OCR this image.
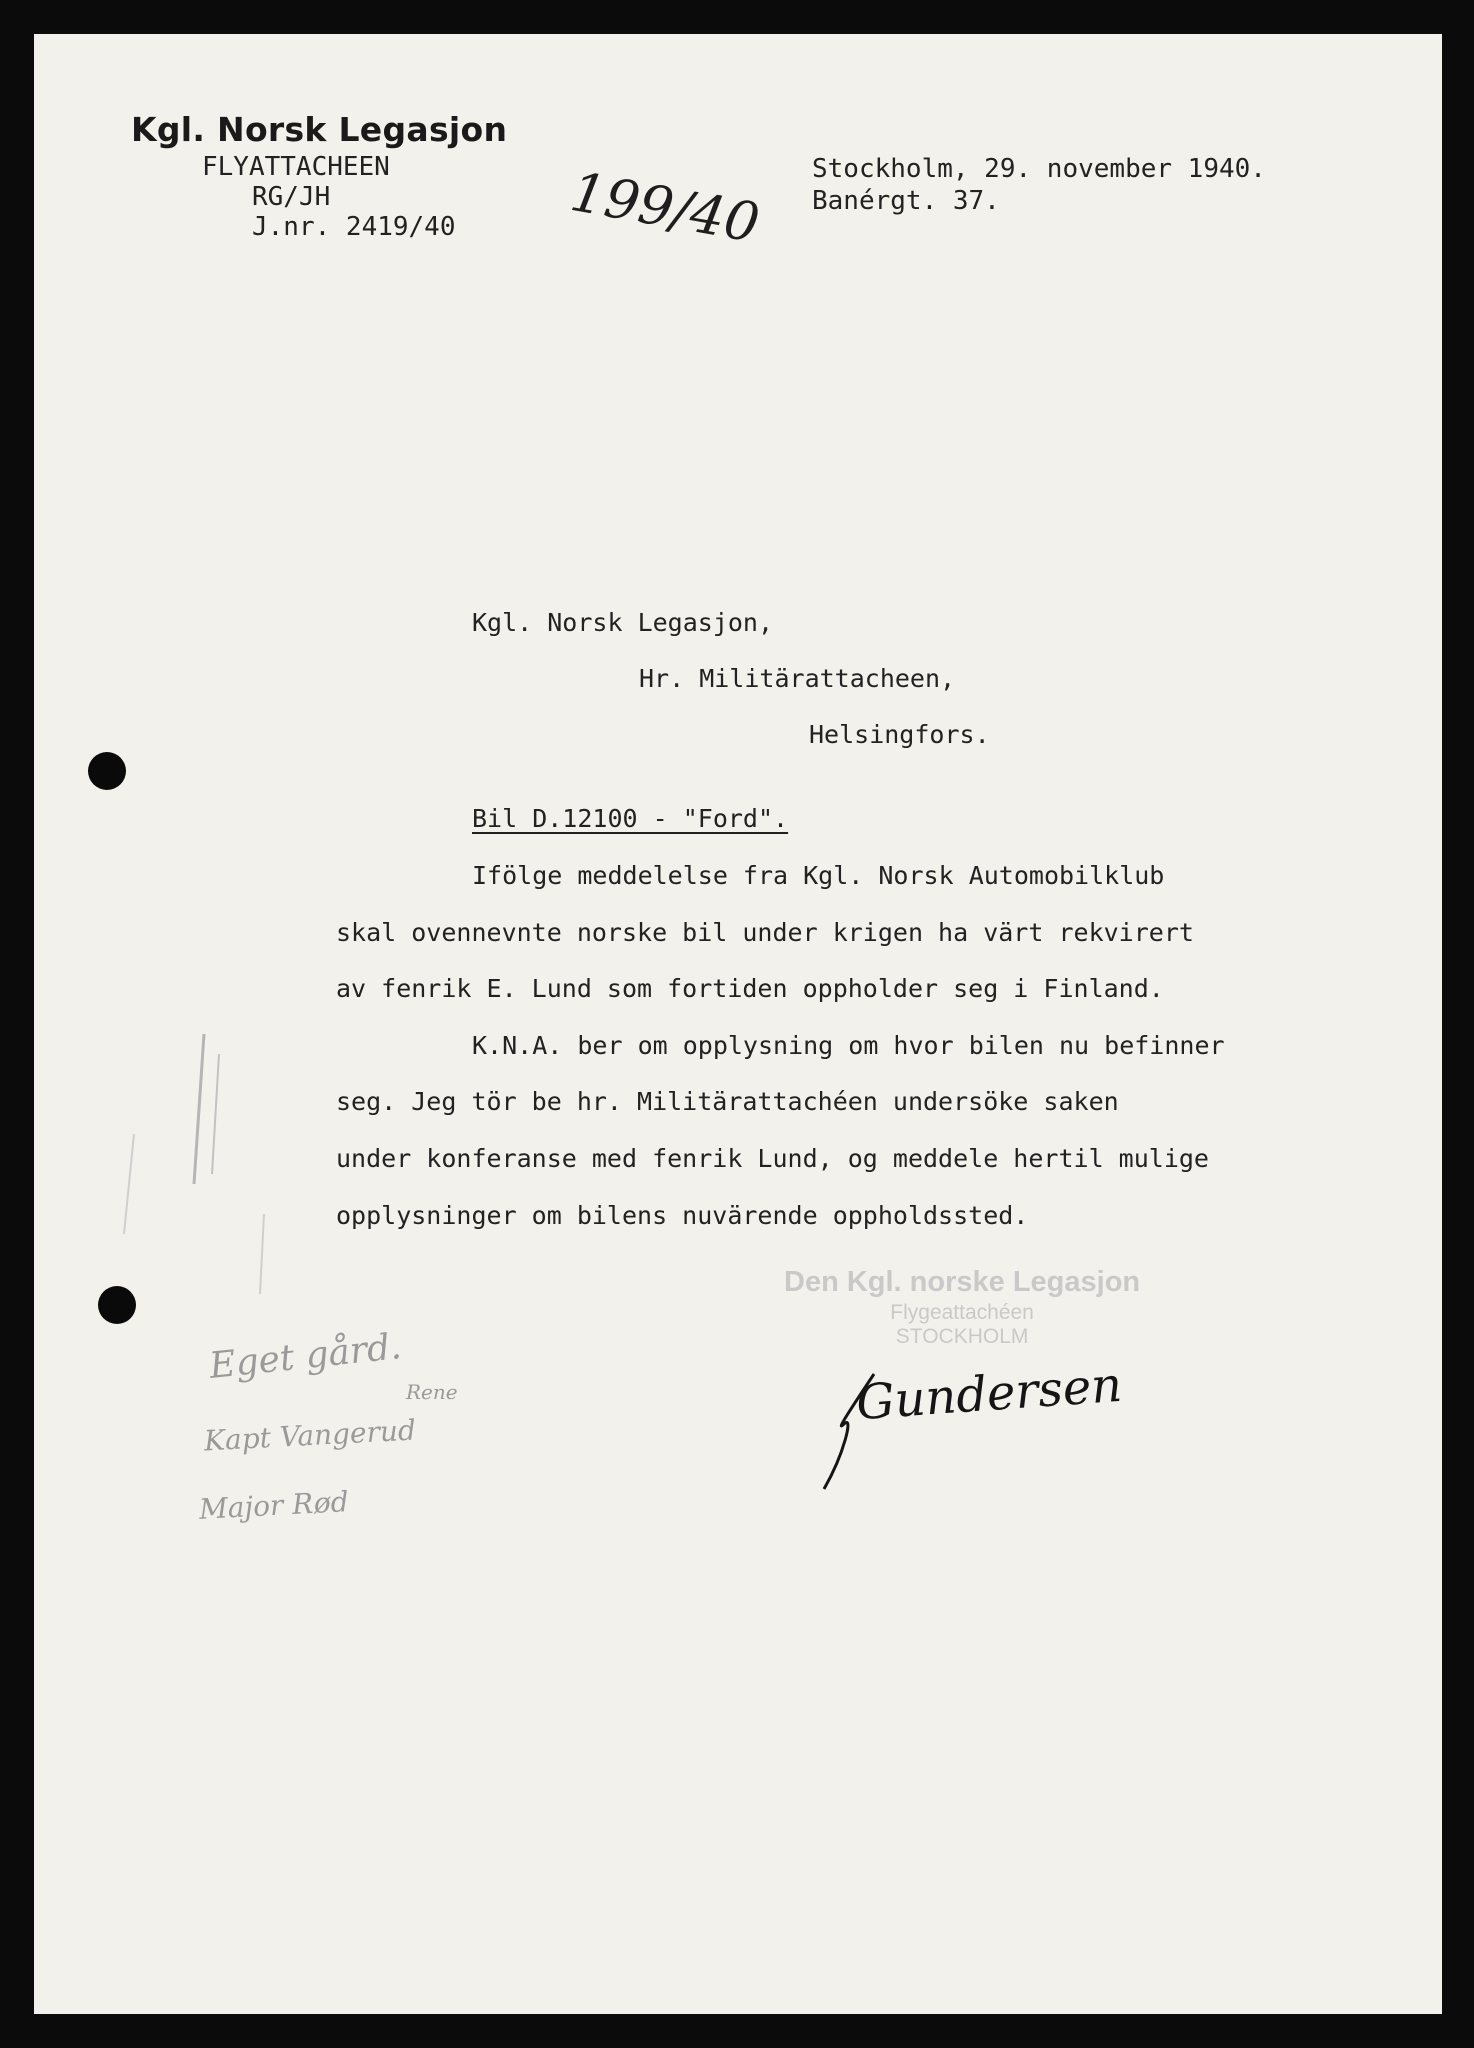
Kgl. Norsk Legasjon
FLYATTACHEEN
RG/JH
J.nr. 2419/40 199/40 Stockholm, 29. november 1940.
Banérgt. 37.
Kgl. Norsk Legasjon,
Hr. Militärattacheen,
Helsingfors.
Bil D.12100 - "Ford".
Ifölge meddelelse fra Kgl. Norsk Automobilklub
skal ovennevnte norske bil under krigen ha vӓrt rekvirert
av fenrik E. Lund som fortiden oppholder seg i Finland.
K.N.A. ber om opplysning om hvor bilen nu befinner
seg. Jeg tör be hr. Militärattachéen undersöke saken
under konferanse med fenrik Lund, og meddele hertil mulige
opplysninger om bilens nuvärende oppholdssted.
Den Kgl. norske Legasjon
Flygeattachéen
STOCKHOLM
Gundersen
Eget gård.
Rene
Kapt Vangerud
Major Rød
